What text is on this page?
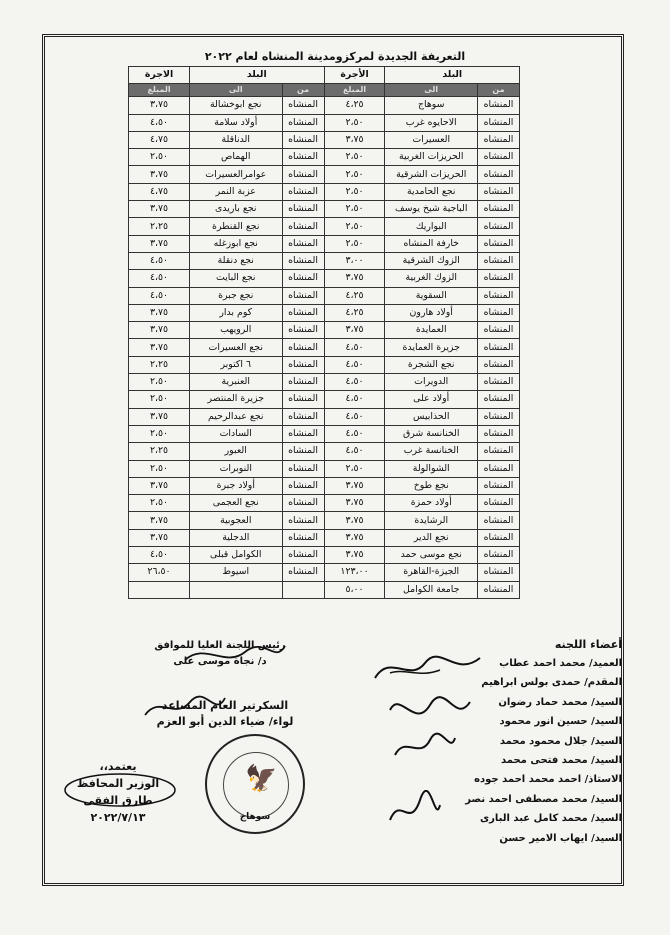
التعريفة الجديدة لمركزومدينة المنشاه لعام ٢٠٢٢
البلد		الأجرة	البلد		الاجرة
من	الى	المبلغ	من	الى	المبلغ
المنشاه	سوهاج	٤،٢٥	المنشاه	نجع ابوخشالة	٣،٧٥
المنشاه	الاحايوه غرب	٢،٥٠	المنشاه	أولاد سلامة	٤،٥٠
المنشاه	العسيرات	٣،٧٥	المنشاه	الدناقلة	٤،٧٥
المنشاه	الحريزات الغربية	٢،٥٠	المنشاه	الهماص	٢،٥٠
المنشاه	الحريزات الشرقية	٢،٥٠	المنشاه	عوامرالعسيرات	٣،٧٥
المنشاه	نجع الحامدية	٢،٥٠	المنشاه	عزبة النمر	٤،٧٥
المنشاه	الباجية شيخ يوسف	٢،٥٠	المنشاه	نجع باريدى	٣،٧٥
المنشاه	البواريك	٢،٥٠	المنشاه	نجع القنطرة	٢،٢٥
المنشاه	خارفة المنشاه	٢،٥٠	المنشاه	نجع ابوزغله	٣،٧٥
المنشاه	الزوك الشرقية	٣،٠٠	المنشاه	نجع دنقلة	٤،٥٠
المنشاه	الزوك الغربية	٣،٧٥	المنشاه	نجع البايت	٤،٥٠
المنشاه	السقوية	٤،٢٥	المنشاه	نجع جبرة	٤،٥٠
المنشاه	أولاد هارون	٤،٢٥	المنشاه	كوم بدار	٣،٧٥
المنشاه	العمايدة	٣،٧٥	المنشاه	الرويهب	٣،٧٥
المنشاه	جزيرة العمايدة	٤،٥٠	المنشاه	نجع العسيرات	٣،٧٥
المنشاه	نجع الشجرة	٤،٥٠	المنشاه	٦ اكتوبر	٢،٢٥
المنشاه	الدويرات	٤،٥٠	المنشاه	العنبرية	٢،٥٠
المنشاه	أولاد على	٤،٥٠	المنشاه	جزيرة المنتصر	٢،٥٠
المنشاه	الحذابيس	٤،٥٠	المنشاه	نجع عبدالرحيم	٣،٧٥
المنشاه	الخنانسة شرق	٤،٥٠	المنشاه	السادات	٢،٥٠
المنشاه	الخنانسة غرب	٤،٥٠	المنشاه	العبور	٢،٢٥
المنشاه	الشوالولة	٢،٥٠	المنشاه	النوبرات	٢،٥٠
المنشاه	نجع طوخ	٣،٧٥	المنشاه	أولاد جبرة	٣،٧٥
المنشاه	أولاد حمزة	٣،٧٥	المنشاه	نجع العجمى	٢،٥٠
المنشاه	الرشايدة	٣،٧٥	المنشاه	العجوبية	٣،٧٥
المنشاه	نجع الدير	٣،٧٥	المنشاه	الدجلية	٣،٧٥
المنشاه	نجع موسى حمد	٣،٧٥	المنشاه	الكوامل قبلى	٤،٥٠
المنشاه	الجيزة-القاهرة	١٢٣،٠٠	المنشاه	اسيوط	٢٦،٥٠
المنشاه	جامعة الكوامل	٥،٠٠			
أعضاء اللجنه
العميد/ محمد احمد عطاب
المقدم/ حمدى بولس ابراهيم
السيد/ محمد حماد رضوان
السيد/ حسين انور محمود
السيد/ جلال محمود محمد
السيد/ محمد فتحى محمد
الاستاذ/ احمد محمد احمد جوده
السيد/ محمد مصطفى احمد نصر
السيد/ محمد كامل عبد البارى
السيد/ ايهاب الامير حسن
رئيس اللجنة العليا للموافق
د/ نجاة موسى على
السكرتير العام المساعد
لواء/ ضياء الدين أبو العزم
🦅
سوهاج
يعتمد،،
الوزير المحافظ
طارق الفقى
٢٠٢٢/٧/١٣
